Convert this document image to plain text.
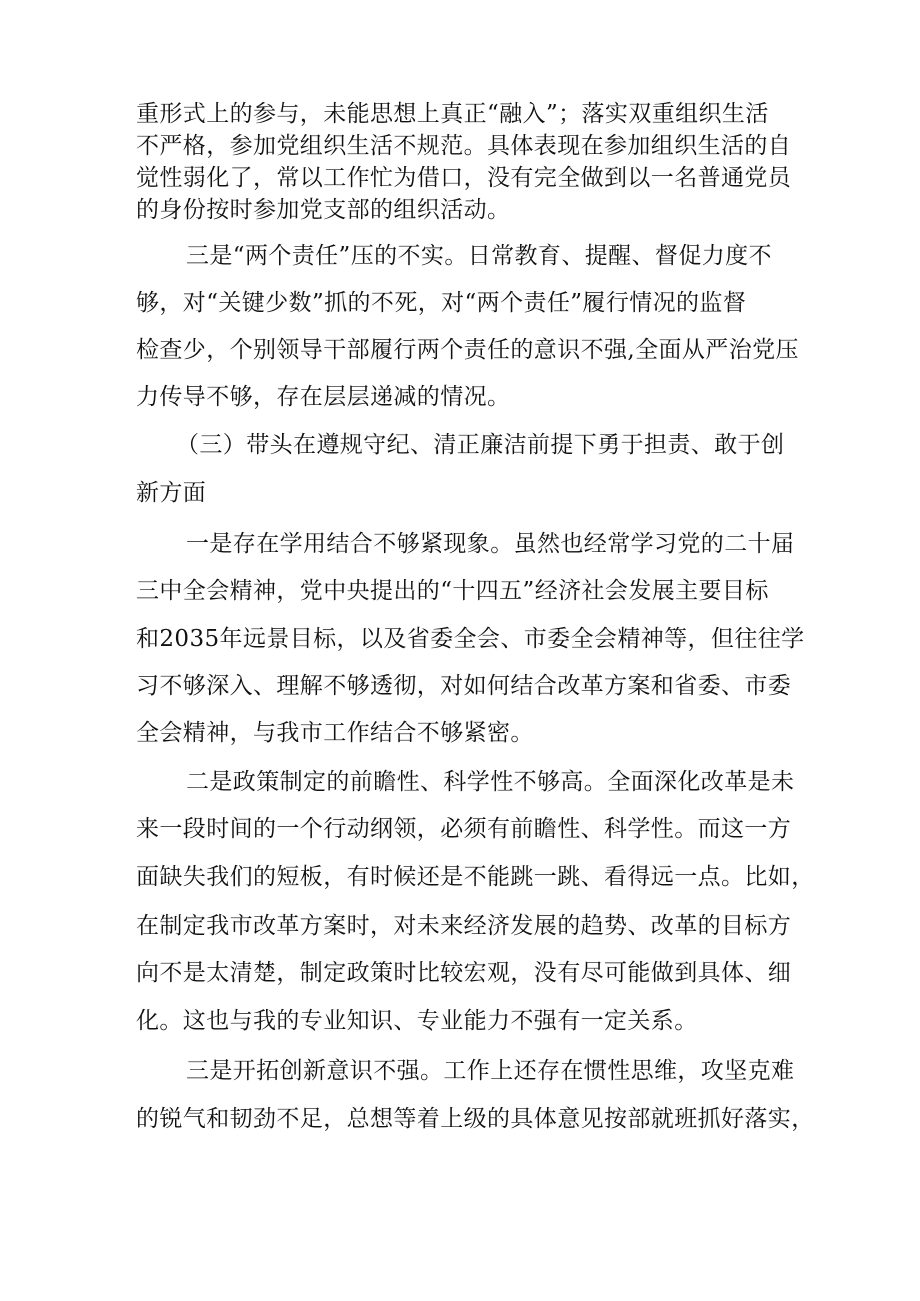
重形式上的参与，未能思想上真正“融入”；落实双重组织生活
不严格，参加党组织生活不规范。具体表现在参加组织生活的自
觉性弱化了，常以工作忙为借口，没有完全做到以一名普通党员
的身份按时参加党支部的组织活动。
三是“两个责任”压的不实。日常教育、提醒、督促力度不
够，对“关键少数”抓的不死，对“两个责任”履行情况的监督
检查少，个别领导干部履行两个责任的意识不强,全面从严治党压
力传导不够，存在层层递减的情况。
（三）带头在遵规守纪、清正廉洁前提下勇于担责、敢于创
新方面
一是存在学用结合不够紧现象。虽然也经常学习党的二十届
三中全会精神，党中央提出的“十四五”经济社会发展主要目标
和2035年远景目标，以及省委全会、市委全会精神等，但往往学
习不够深入、理解不够透彻，对如何结合改革方案和省委、市委
全会精神，与我市工作结合不够紧密。
二是政策制定的前瞻性、科学性不够高。全面深化改革是未
来一段时间的一个行动纲领，必须有前瞻性、科学性。而这一方
面缺失我们的短板，有时候还是不能跳一跳、看得远一点。比如，
在制定我市改革方案时，对未来经济发展的趋势、改革的目标方
向不是太清楚，制定政策时比较宏观，没有尽可能做到具体、细
化。这也与我的专业知识、专业能力不强有一定关系。
三是开拓创新意识不强。工作上还存在惯性思维，攻坚克难
的锐气和韧劲不足，总想等着上级的具体意见按部就班抓好落实，
